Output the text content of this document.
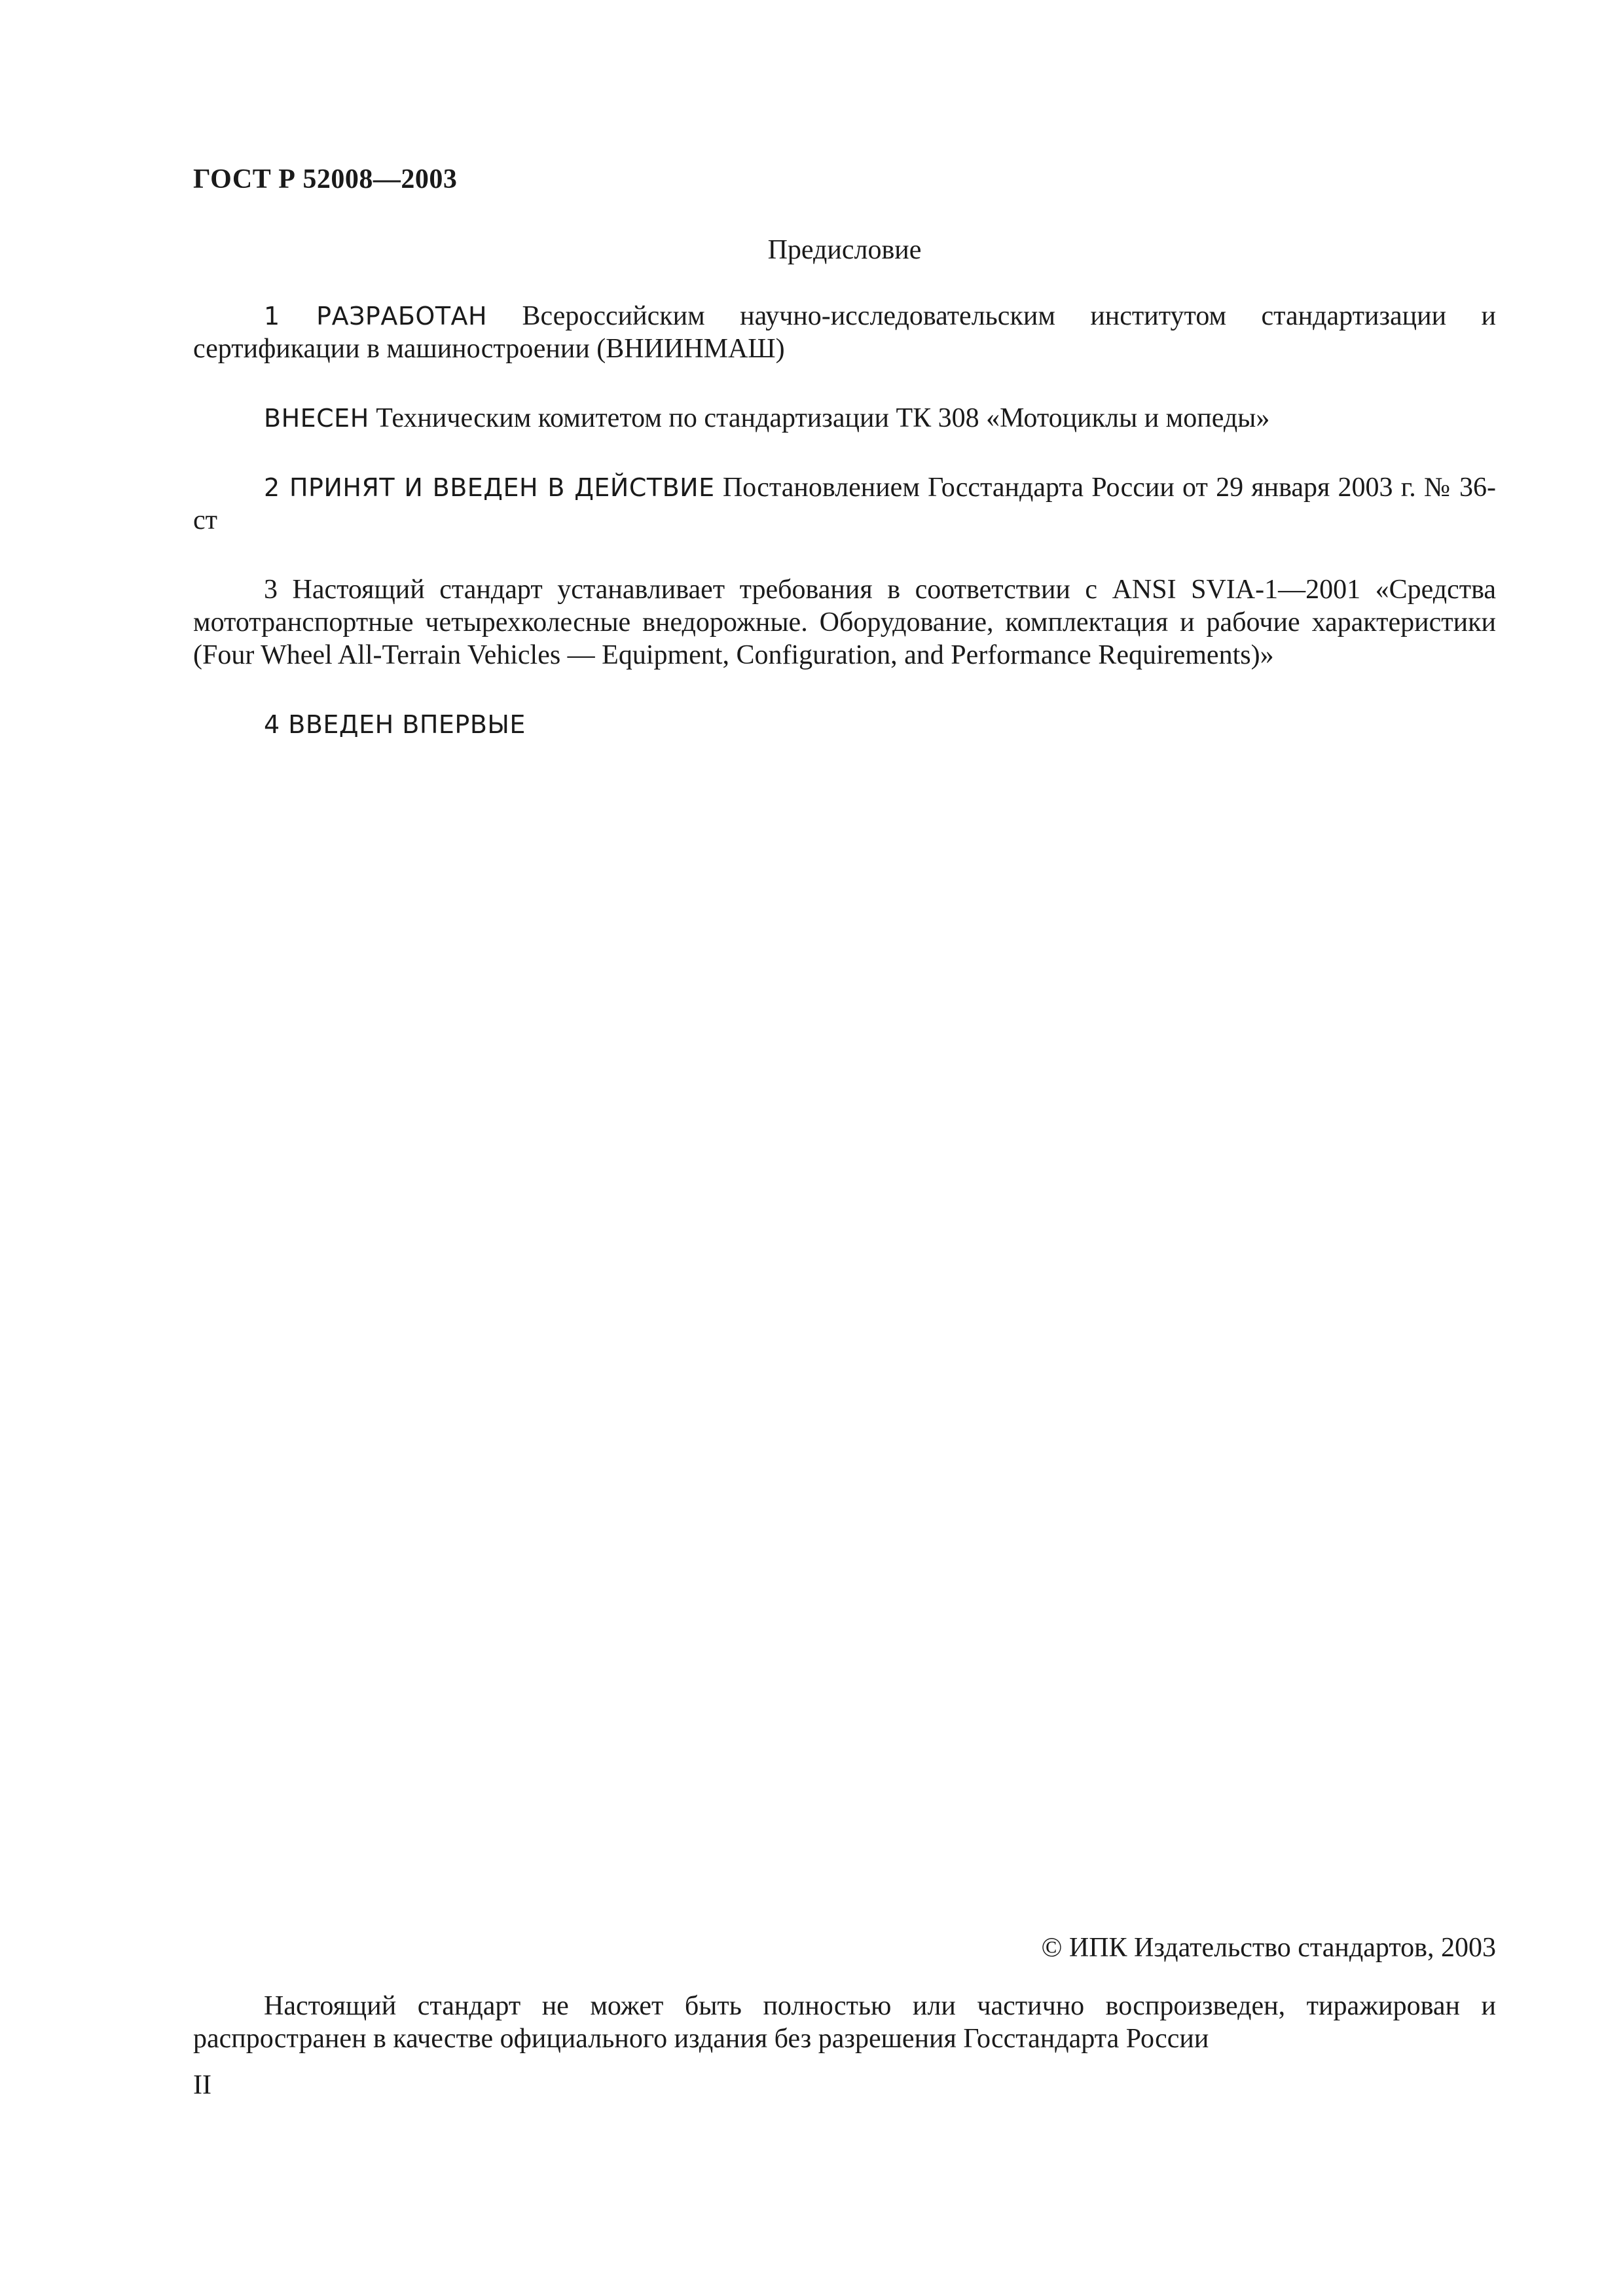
ГОСТ Р 52008—2003
Предисловие

1 РАЗРАБОТАН Всероссийским научно-исследовательским институтом стандартизации и сертификации в машиностроении (ВНИИНМАШ)

ВНЕСЕН Техническим комитетом по стандартизации ТК 308 «Мотоциклы и мопеды»

2 ПРИНЯТ И ВВЕДЕН В ДЕЙСТВИЕ Постановлением Госстандарта России от 29 января 2003 г. № 36-ст

3 Настоящий стандарт устанавливает требования в соответствии с ANSI SVIA-1—2001 «Средства мототранспортные четырехколесные внедорожные. Оборудование, комплектация и рабочие характеристики (Four Wheel All-Terrain Vehicles — Equipment, Configuration, and Performance Requirements)»

4 ВВЕДЕН ВПЕРВЫЕ

© ИПК Издательство стандартов, 2003
Настоящий стандарт не может быть полностью или частично воспроизведен, тиражирован и распространен в качестве официального издания без разрешения Госстандарта России
II
